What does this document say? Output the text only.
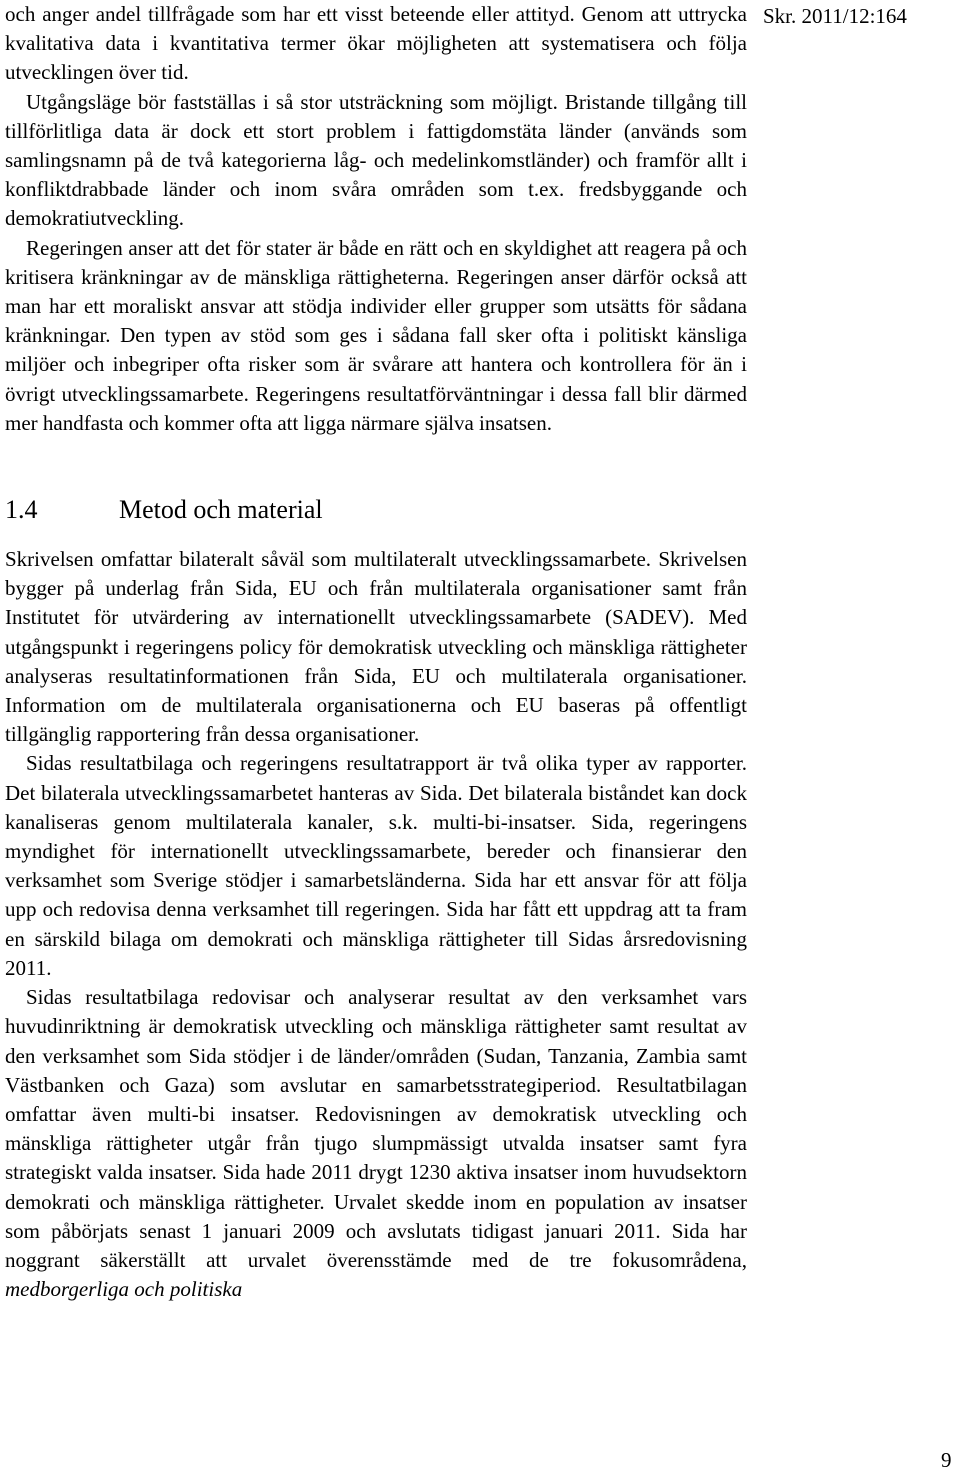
Skr. 2011/12:164

och anger andel tillfrågade som har ett visst beteende eller attityd. Genom att uttrycka kvalitativa data i kvantitativa termer ökar möjligheten att systematisera och följa utvecklingen över tid.

Utgångsläge bör fastställas i så stor utsträckning som möjligt. Bristande tillgång till tillförlitliga data är dock ett stort problem i fattigdomstäta länder (används som samlingsnamn på de två kategorierna låg- och medelinkomstländer) och framför allt i konfliktdrabbade länder och inom svåra områden som t.ex. fredsbyggande och demokratiutveckling.

Regeringen anser att det för stater är både en rätt och en skyldighet att reagera på och kritisera kränkningar av de mänskliga rättigheterna. Regeringen anser därför också att man har ett moraliskt ansvar att stödja individer eller grupper som utsätts för sådana kränkningar. Den typen av stöd som ges i sådana fall sker ofta i politiskt känsliga miljöer och inbegriper ofta risker som är svårare att hantera och kontrollera för än i övrigt utvecklingssamarbete. Regeringens resultatförväntningar i dessa fall blir därmed mer handfasta och kommer ofta att ligga närmare själva insatsen.

1.4	Metod och material

Skrivelsen omfattar bilateralt såväl som multilateralt utvecklingssamarbete. Skrivelsen bygger på underlag från Sida, EU och från multilaterala organisationer samt från Institutet för utvärdering av internationellt utvecklingssamarbete (SADEV). Med utgångspunkt i regeringens policy för demokratisk utveckling och mänskliga rättigheter analyseras resultatinformationen från Sida, EU och multilaterala organisationer. Information om de multilaterala organisationerna och EU baseras på offentligt tillgänglig rapportering från dessa organisationer.

Sidas resultatbilaga och regeringens resultatrapport är två olika typer av rapporter. Det bilaterala utvecklingssamarbetet hanteras av Sida. Det bilaterala biståndet kan dock kanaliseras genom multilaterala kanaler, s.k. multi-bi-insatser. Sida, regeringens myndighet för internationellt utvecklingssamarbete, bereder och finansierar den verksamhet som Sverige stödjer i samarbetsländerna. Sida har ett ansvar för att följa upp och redovisa denna verksamhet till regeringen. Sida har fått ett uppdrag att ta fram en särskild bilaga om demokrati och mänskliga rättigheter till Sidas årsredovisning 2011.

Sidas resultatbilaga redovisar och analyserar resultat av den verksamhet vars huvudinriktning är demokratisk utveckling och mänskliga rättigheter samt resultat av den verksamhet som Sida stödjer i de länder/områden (Sudan, Tanzania, Zambia samt Västbanken och Gaza) som avslutar en samarbetsstrategiperiod. Resultatbilagan omfattar även multi-bi insatser. Redovisningen av demokratisk utveckling och mänskliga rättigheter utgår från tjugo slumpmässigt utvalda insatser samt fyra strategiskt valda insatser. Sida hade 2011 drygt 1230 aktiva insatser inom huvudsektorn demokrati och mänskliga rättigheter. Urvalet skedde inom en population av insatser som påbörjats senast 1 januari 2009 och avslutats tidigast januari 2011. Sida har noggrant säkerställt att urvalet överensstämde med de tre fokusområdena, medborgerliga och politiska

9
